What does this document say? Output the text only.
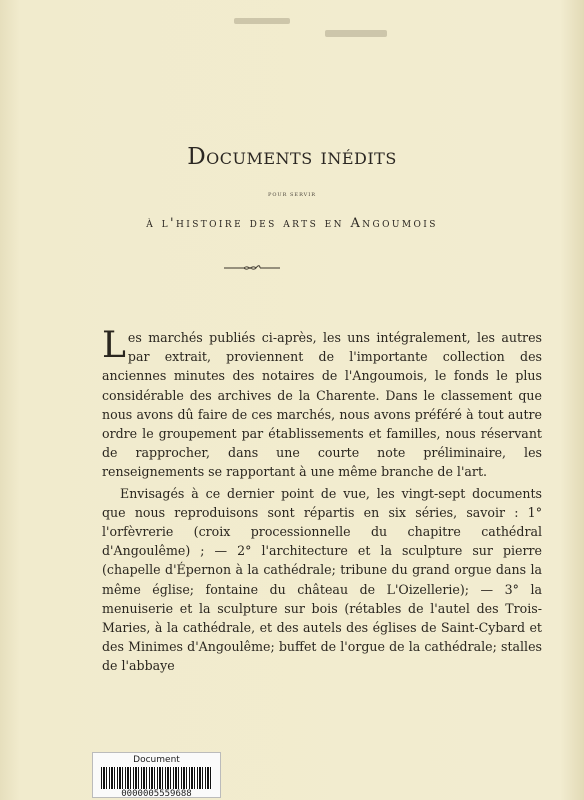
Documents inédits
POUR SERVIR
à l'histoire des arts en Angoumois

Les marchés publiés ci-après, les uns intégralement, les autres par extrait, proviennent de l'importante collection des anciennes minutes des notaires de l'Angoumois, le fonds le plus considérable des archives de la Charente. Dans le classement que nous avons dû faire de ces marchés, nous avons préféré à tout autre ordre le groupement par établissements et familles, nous réservant de rapprocher, dans une courte note préliminaire, les renseignements se rapportant à une même branche de l'art.

Envisagés à ce dernier point de vue, les vingt-sept documents que nous reproduisons sont répartis en six séries, savoir : 1° l'orfèvrerie (croix processionnelle du chapitre cathédral d'Angoulême) ; — 2° l'architecture et la sculpture sur pierre (chapelle d'Épernon à la cathédrale; tribune du grand orgue dans la même église; fontaine du château de L'Oizellerie); — 3° la menuiserie et la sculpture sur bois (rétables de l'autel des Trois-Maries, à la cathédrale, et des autels des églises de Saint-Cybard et des Minimes d'Angoulême; buffet de l'orgue de la cathédrale; stalles de l'abbaye

Document
0000005559688
